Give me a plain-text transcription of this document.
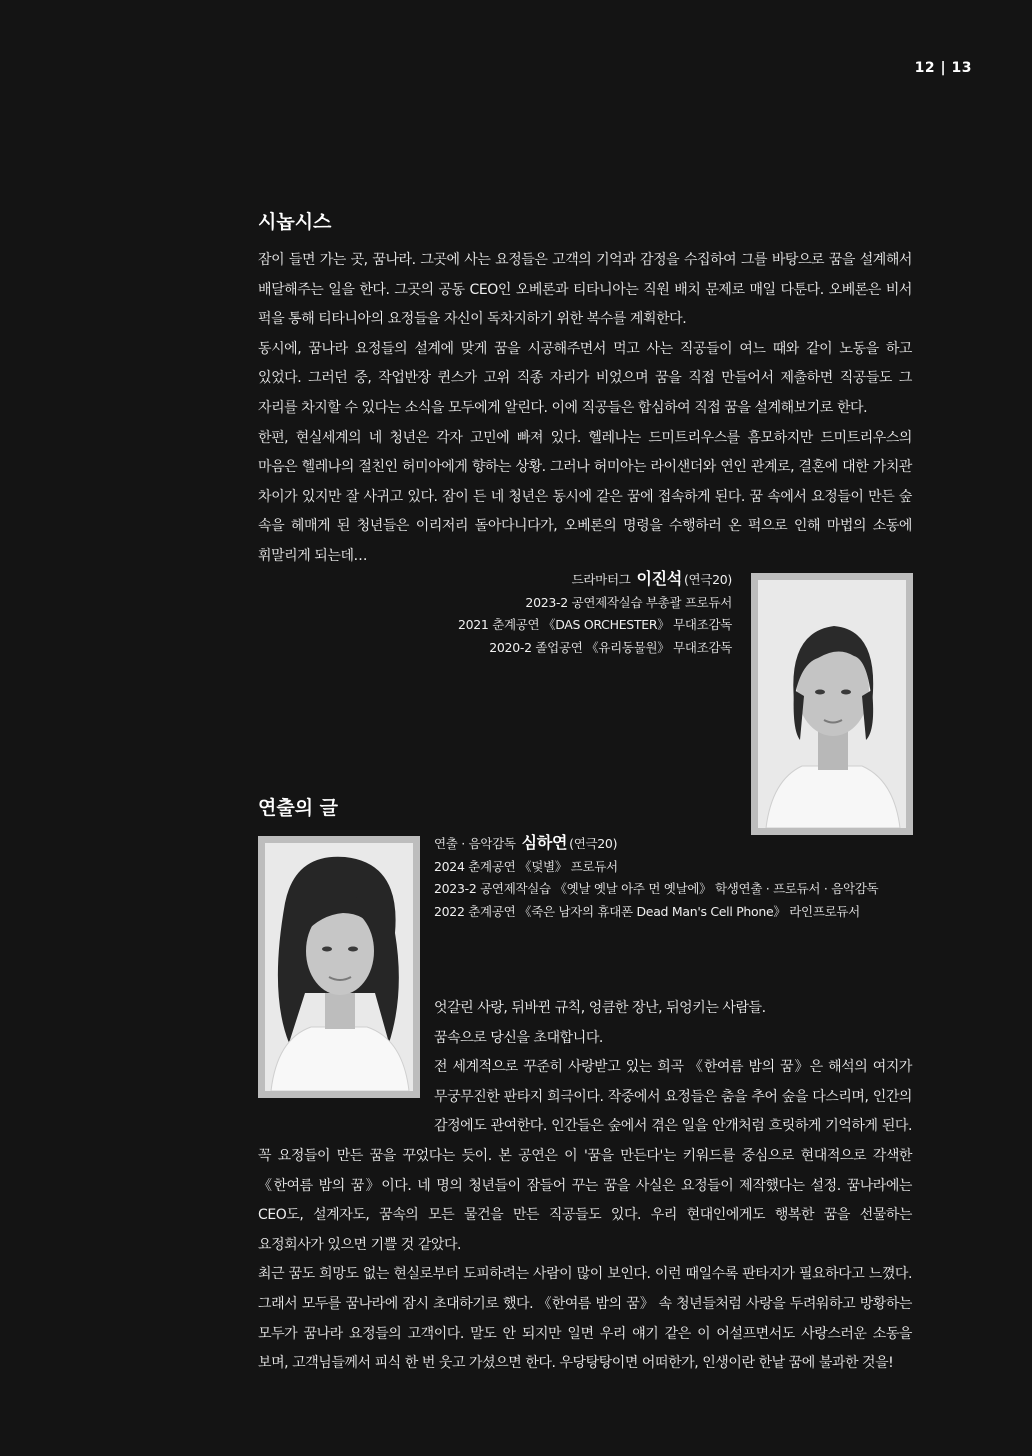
12 | 13
시놉시스

잠이 들면 가는 곳, 꿈나라. 그곳에 사는 요정들은 고객의 기억과 감정을 수집하여 그를 바탕으로 꿈을 설계해서 배달해주는 일을 한다. 그곳의 공동 CEO인 오베론과 티타니아는 직원 배치 문제로 매일 다툰다. 오베론은 비서 퍽을 통해 티타니아의 요정들을 자신이 독차지하기 위한 복수를 계획한다.

동시에, 꿈나라 요정들의 설계에 맞게 꿈을 시공해주면서 먹고 사는 직공들이 여느 때와 같이 노동을 하고 있었다. 그러던 중, 작업반장 퀸스가 고위 직종 자리가 비었으며 꿈을 직접 만들어서 제출하면 직공들도 그 자리를 차지할 수 있다는 소식을 모두에게 알린다. 이에 직공들은 합심하여 직접 꿈을 설계해보기로 한다.

한편, 현실세계의 네 청년은 각자 고민에 빠져 있다. 헬레나는 드미트리우스를 흠모하지만 드미트리우스의 마음은 헬레나의 절친인 허미아에게 향하는 상황. 그러나 허미아는 라이샌더와 연인 관계로, 결혼에 대한 가치관 차이가 있지만 잘 사귀고 있다. 잠이 든 네 청년은 동시에 같은 꿈에 접속하게 된다. 꿈 속에서 요정들이 만든 숲 속을 헤매게 된 청년들은 이리저리 돌아다니다가, 오베론의 명령을 수행하러 온 퍽으로 인해 마법의 소동에 휘말리게 되는데…

드라마터그 이진석 (연극20)
2023-2 공연제작실습 부총괄 프로듀서
2021 춘계공연 《DAS ORCHESTER》 무대조감독
2020-2 졸업공연 《유리동물원》 무대조감독
연출의 글
연출 · 음악감독 심하연 (연극20)
2024 춘계공연 《덫별》 프로듀서
2023-2 공연제작실습 《옛날 옛날 아주 먼 옛날에》 학생연출 · 프로듀서 · 음악감독
2022 춘계공연 《죽은 남자의 휴대폰 Dead Man's Cell Phone》 라인프로듀서

엇갈린 사랑, 뒤바뀐 규칙, 엉큼한 장난, 뒤엉키는 사람들.

꿈속으로 당신을 초대합니다.

전 세계적으로 꾸준히 사랑받고 있는 희곡 《한여름 밤의 꿈》은 해석의 여지가 무궁무진한 판타지 희극이다. 작중에서 요정들은 춤을 추어 숲을 다스리며, 인간의 감정에도 관여한다. 인간들은 숲에서 겪은 일을 안개처럼 흐릿하게 기억하게 된다. 꼭 요정들이 만든 꿈을 꾸었다는 듯이. 본 공연은 이 '꿈을 만든다'는 키워드를 중심으로 현대적으로 각색한 《한여름 밤의 꿈》이다. 네 명의 청년들이 잠들어 꾸는 꿈을 사실은 요정들이 제작했다는 설정. 꿈나라에는 CEO도, 설계자도, 꿈속의 모든 물건을 만든 직공들도 있다. 우리 현대인에게도 행복한 꿈을 선물하는 요정회사가 있으면 기쁠 것 같았다.

최근 꿈도 희망도 없는 현실로부터 도피하려는 사람이 많이 보인다. 이런 때일수록 판타지가 필요하다고 느꼈다. 그래서 모두를 꿈나라에 잠시 초대하기로 했다. 《한여름 밤의 꿈》 속 청년들처럼 사랑을 두려워하고 방황하는 모두가 꿈나라 요정들의 고객이다. 말도 안 되지만 일면 우리 얘기 같은 이 어설프면서도 사랑스러운 소동을 보며, 고객님들께서 피식 한 번 웃고 가셨으면 한다. 우당탕탕이면 어떠한가, 인생이란 한낱 꿈에 불과한 것을!
